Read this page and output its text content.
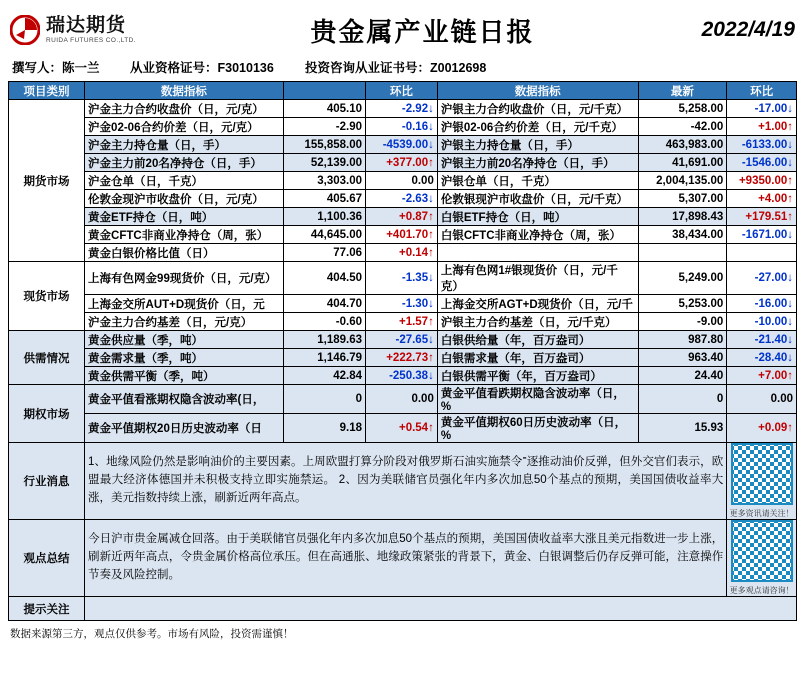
瑞达期货
RUIDA FUTURES CO.,LTD.	贵金属产业链日报	2022/4/19
撰写人：陈一兰	从业资格证号：F3010136	投资咨询从业证书号：Z0012698
项目类别	数据指标		环比	数据指标	最新	环比
期货市场	沪金主力合约收盘价（日，元/克）	405.10	-2.92↓	沪银主力合约收盘价（日，元/千克）	5,258.00	-17.00↓
	沪金02-06合约价差（日，元/克）	-2.90	-0.16↓	沪银02-06合约价差（日，元/千克）	-42.00	+1.00↑
	沪金主力持仓量（日，手）	155,858.00	-4539.00↓	沪银主力持仓量（日，手）	463,983.00	-6133.00↓
	沪金主力前20名净持仓（日，手）	52,139.00	+377.00↑	沪银主力前20名净持仓（日，手）	41,691.00	-1546.00↓
	沪金仓单（日，千克）	3,303.00	0.00	沪银仓单（日，千克）	2,004,135.00	+9350.00↑
	伦敦金现沪市收盘价（日，元/克）	405.67	-2.63↓	伦敦银现沪市收盘价（日，元/千克）	5,307.00	+4.00↑
	黄金ETF持仓（日，吨）	1,100.36	+0.87↑	白银ETF持仓（日，吨）	17,898.43	+179.51↑
	黄金CFTC非商业净持仓（周，张）	44,645.00	+401.70↑	白银CFTC非商业净持仓（周，张）	38,434.00	-1671.00↓
	黄金白银价格比值（日）	77.06	+0.14↑			
现货市场	上海有色网金99现货价（日，元/克）	404.50	-1.35↓	上海有色网1#银现货价（日，元/千克）	5,249.00	-27.00↓
	上海金交所AUT+D现货价（日，元	404.70	-1.30↓	上海金交所AGT+D现货价（日，元/千	5,253.00	-16.00↓
	沪金主力合约基差（日，元/克）	-0.60	+1.57↑	沪银主力合约基差（日，元/千克）	-9.00	-10.00↓
供需情况	黄金供应量（季，吨）	1,189.63	-27.65↓	白银供给量（年，百万盎司）	987.80	-21.40↓
	黄金需求量（季，吨）	1,146.79	+222.73↑	白银需求量（年，百万盎司）	963.40	-28.40↓
	黄金供需平衡（季，吨）	42.84	-250.38↓	白银供需平衡（年，百万盎司）	24.40	+7.00↑
期权市场	黄金平值看涨期权隐含波动率(日，	0	0.00	黄金平值看跌期权隐含波动率（日，%	0	0.00
	黄金平值期权20日历史波动率（日	9.18	+0.54↑	黄金平值期权60日历史波动率（日，%	15.93	+0.09↑
行业消息	1、地缘风险仍然是影响油价的主要因素。上周欧盟打算分阶段对俄罗斯石油实施禁令־逐推动油价反弹，但外交官们表示，欧盟最大经济体德国并未积极支持立即实施禁运。 2、因为美联储官员强化年内多次加息50个基点的预期，美国国债收益率大涨，美元指数持续上涨，刷新近两年高点。					更多资讯请关注！

观点总结	今日沪市贵金属减仓回落。由于美联储官员强化年内多次加息50个基点的预期，美国国债收益率大涨且美元指数进一步上涨，刷新近两年高点，令贵金属价格高位承压。但在高通胀、地缘政策紧张的背景下，黄金、白银调整后仍存反弹可能，注意操作节奏及风险控制。					更多观点请咨询！

提示关注						
数据来源第三方，观点仅供参考。市场有风险，投资需谨慎！
